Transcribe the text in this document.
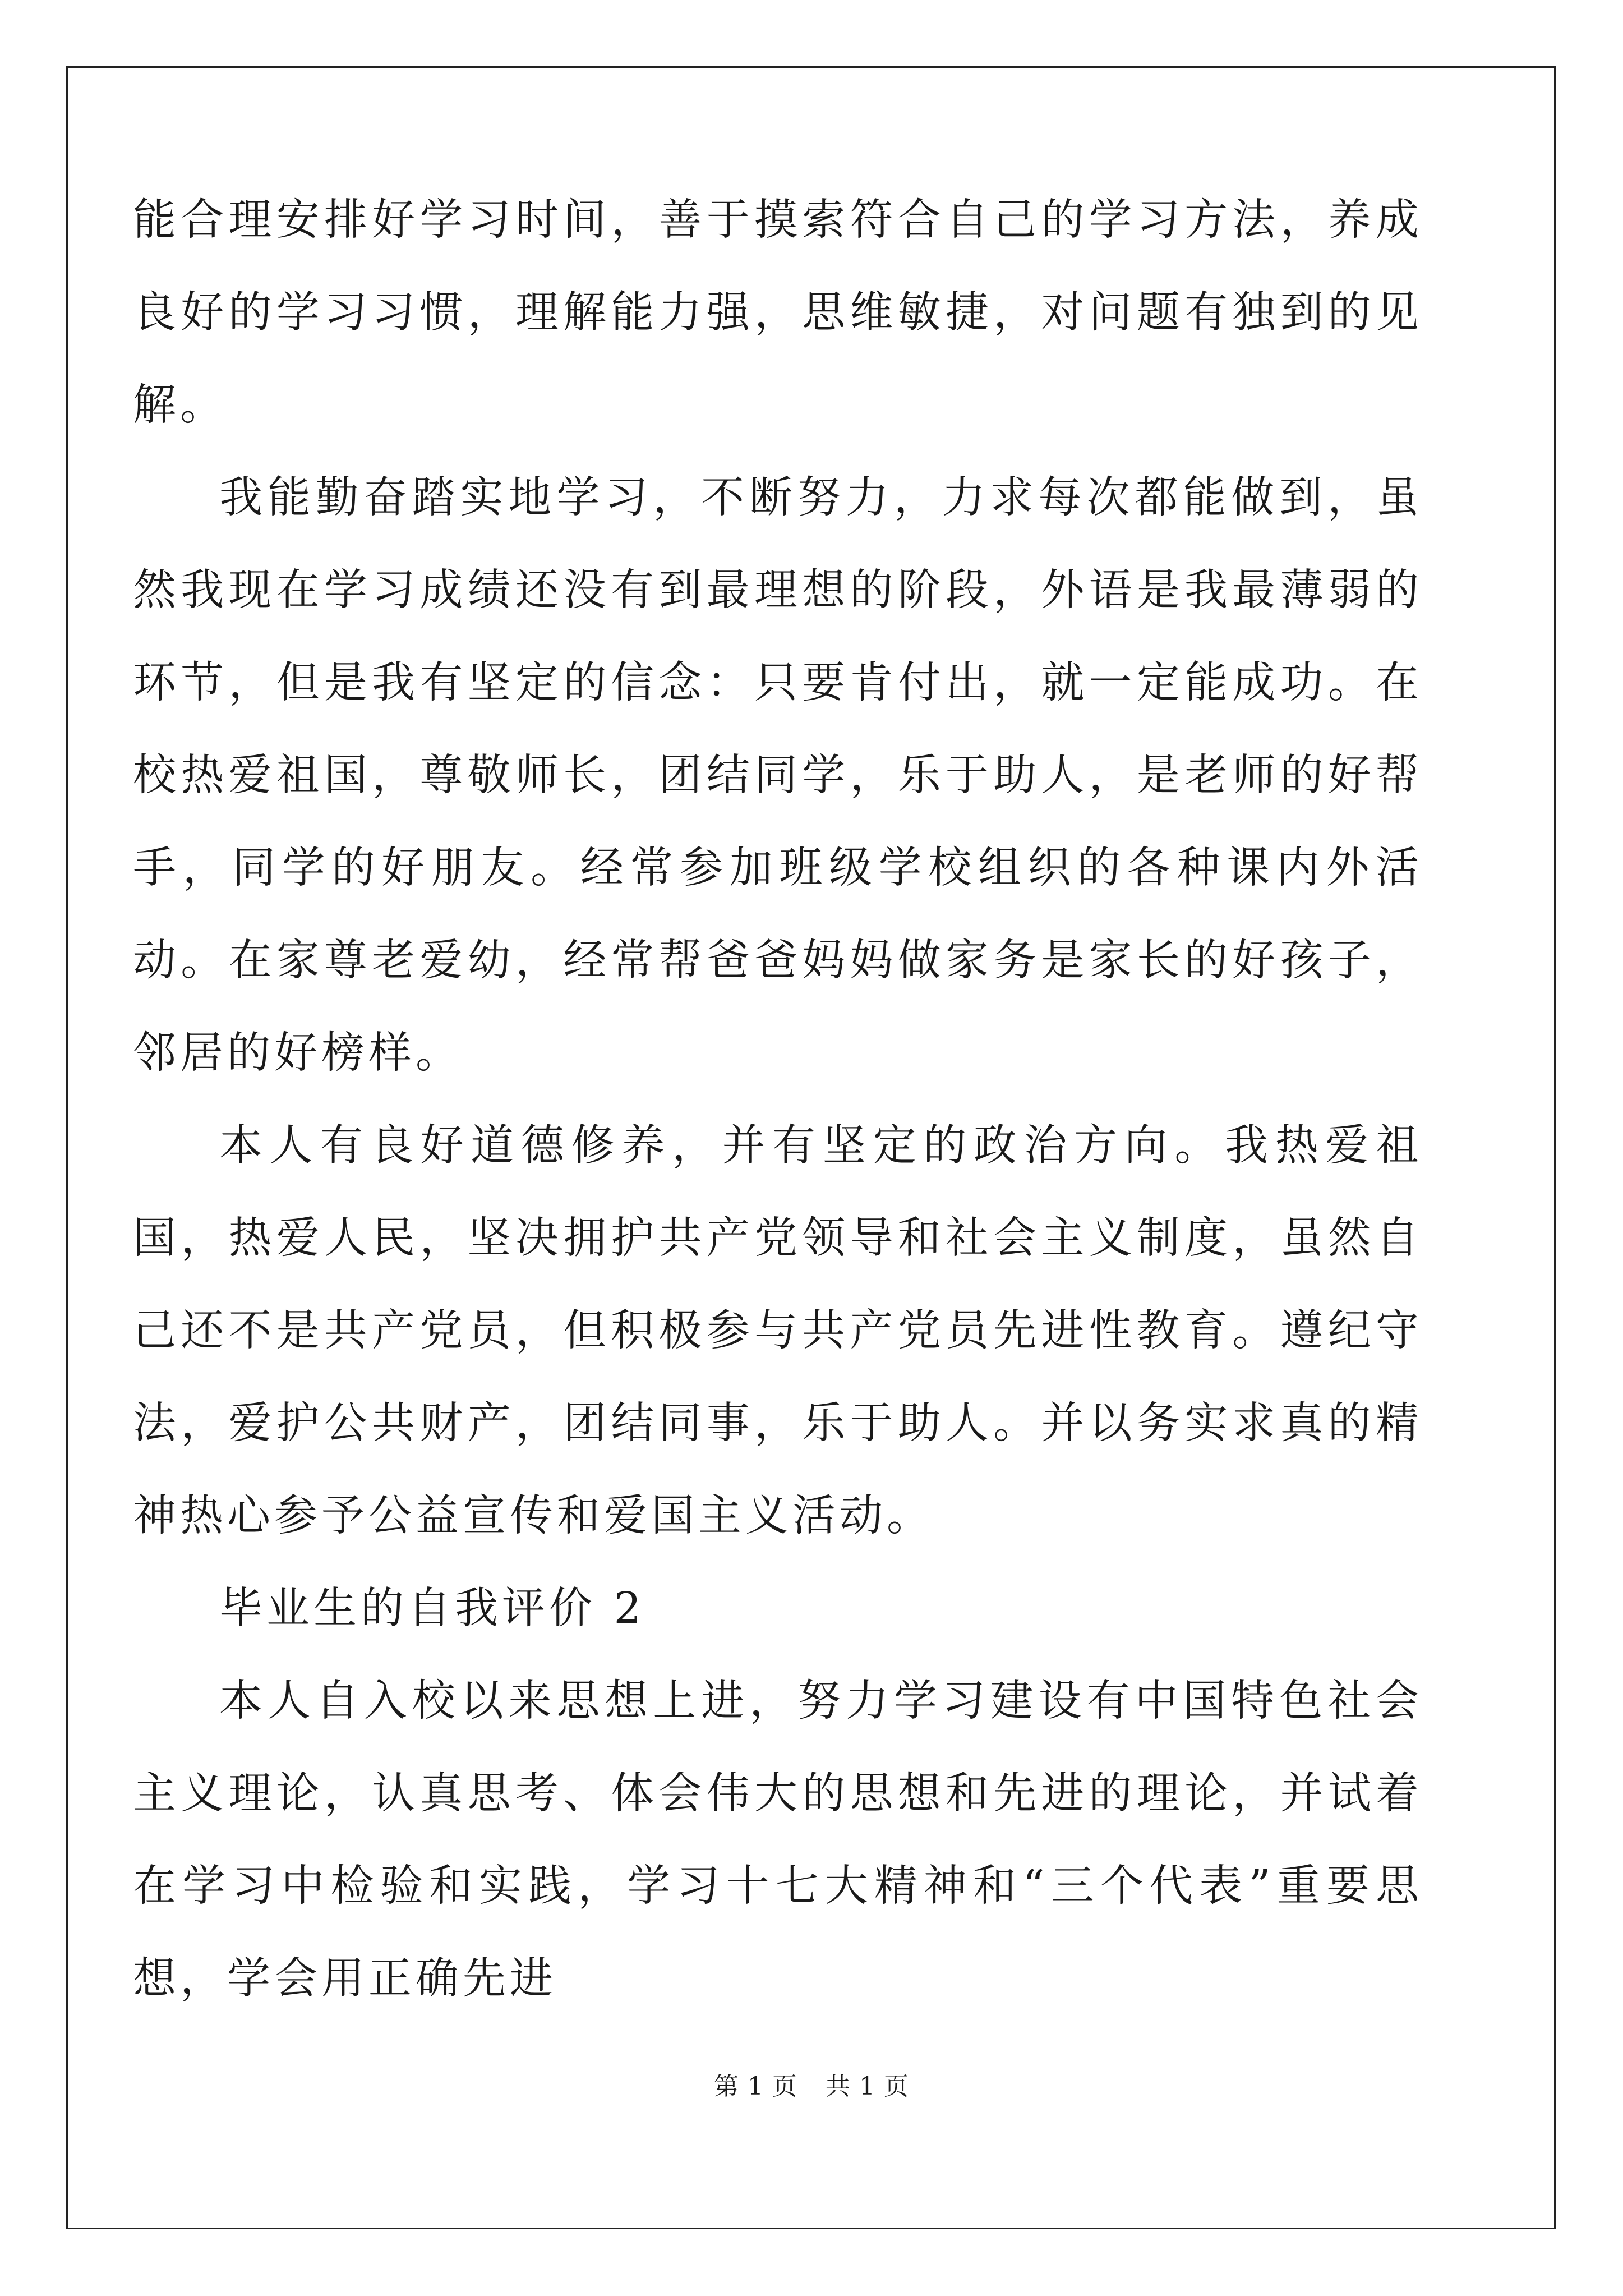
能合理安排好学习时间，善于摸索符合自己的学习方法，养成良好的学习习惯，理解能力强，思维敏捷，对问题有独到的见解。

我能勤奋踏实地学习，不断努力，力求每次都能做到，虽然我现在学习成绩还没有到最理想的阶段，外语是我最薄弱的环节，但是我有坚定的信念：只要肯付出，就一定能成功。在校热爱祖国，尊敬师长，团结同学，乐于助人，是老师的好帮手，同学的好朋友。经常参加班级学校组织的各种课内外活动。在家尊老爱幼，经常帮爸爸妈妈做家务是家长的好孩子，邻居的好榜样。

本人有良好道德修养，并有坚定的政治方向。我热爱祖国，热爱人民，坚决拥护共产党领导和社会主义制度，虽然自己还不是共产党员，但积极参与共产党员先进性教育。遵纪守法，爱护公共财产，团结同事，乐于助人。并以务实求真的精神热心参予公益宣传和爱国主义活动。

毕业生的自我评价 2

本人自入校以来思想上进，努力学习建设有中国特色社会主义理论，认真思考、体会伟大的思想和先进的理论，并试着在学习中检验和实践，学习十七大精神和“三个代表”重要思想，学会用正确先进

第 1 页 共 1 页
